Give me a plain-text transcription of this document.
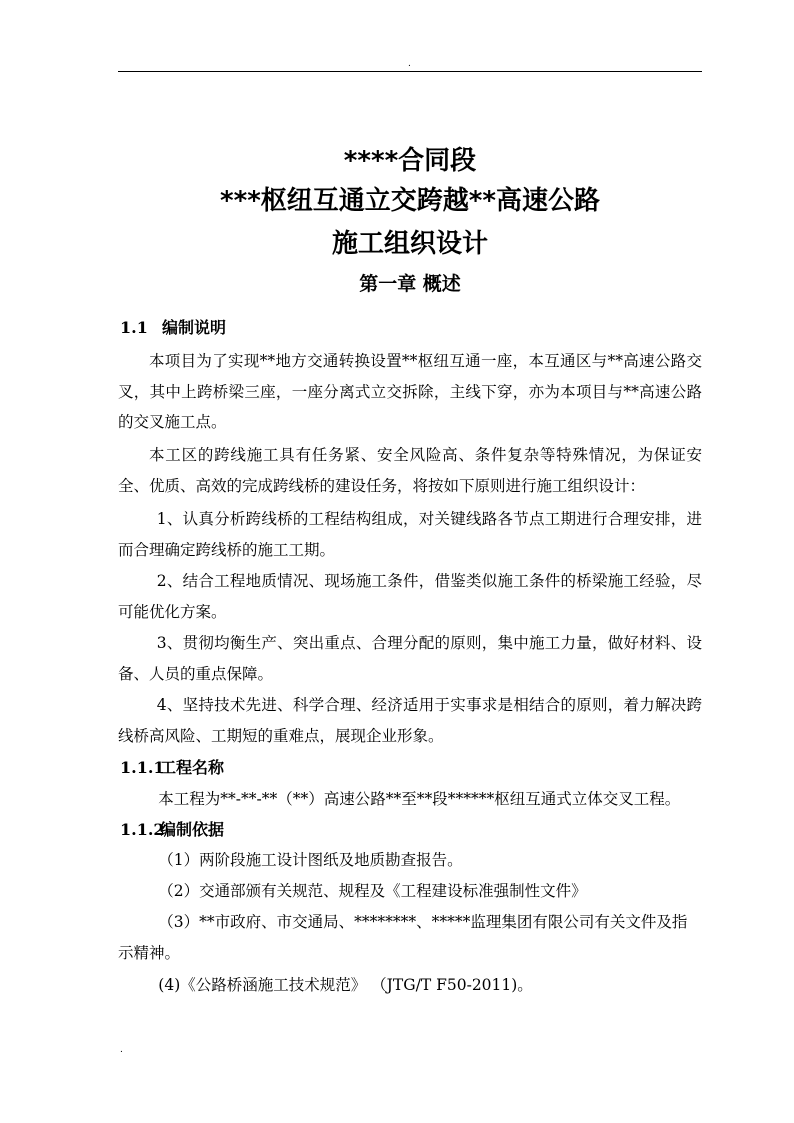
.
****合同段
***枢纽互通立交跨越**高速公路
施工组织设计
第一章 概述
1.1 编制说明
本项目为了实现**地方交通转换设置**枢纽互通一座，本互通区与**高速公路交叉，其中上跨桥梁三座，一座分离式立交拆除，主线下穿，亦为本项目与**高速公路的交叉施工点。
本工区的跨线施工具有任务紧、安全风险高、条件复杂等特殊情况，为保证安全、优质、高效的完成跨线桥的建设任务，将按如下原则进行施工组织设计：
1、认真分析跨线桥的工程结构组成，对关键线路各节点工期进行合理安排，进而合理确定跨线桥的施工工期。
2、结合工程地质情况、现场施工条件，借鉴类似施工条件的桥梁施工经验，尽可能优化方案。
3、贯彻均衡生产、突出重点、合理分配的原则，集中施工力量，做好材料、设备、人员的重点保障。
4、坚持技术先进、科学合理、经济适用于实事求是相结合的原则，着力解决跨线桥高风险、工期短的重难点，展现企业形象。
1.1.1工程名称
本工程为**-**-**（**）高速公路**至**段******枢纽互通式立体交叉工程。
1.1.2编制依据
（1）两阶段施工设计图纸及地质勘查报告。
（2）交通部颁有关规范、规程及《工程建设标准强制性文件》
（3）**市政府、市交通局、********、*****监理集团有限公司有关文件及指示精神。
(4)《公路桥涵施工技术规范》 （JTG/T F50-2011)。
.
